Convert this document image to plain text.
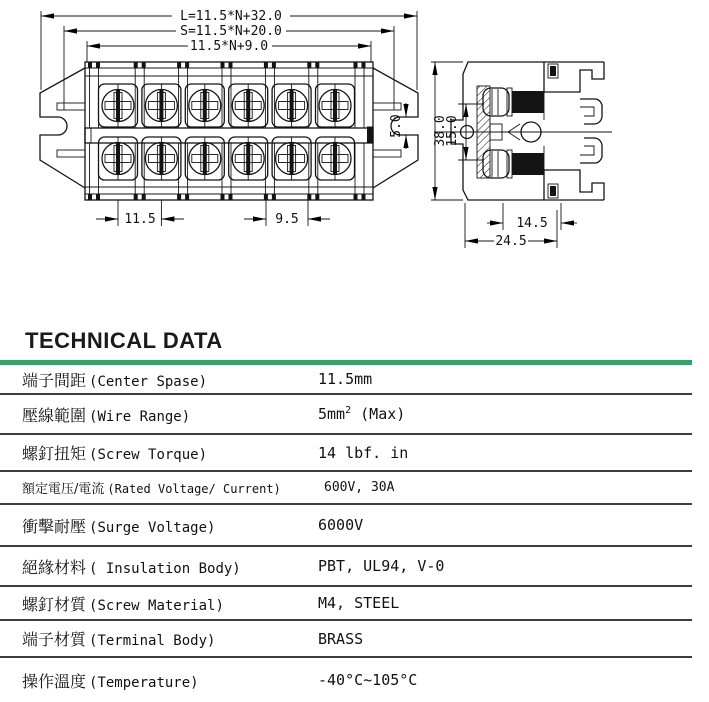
L=11.5*N+32.0
S=11.5*N+20.0
11.5*N+9.0
11.5	9.5
5.0 38.0
15.0
14.5
24.5
TECHNICAL DATA
端子間距 (Center Spase)	11.5mm
壓線範圍 (Wire Range)	$5mm^2$ (Max)
螺釘扭矩 (Screw Torque)	14 lbf. in
額定電压/電流 (Rated Voltage/ Current)	600V, 30A
衝擊耐壓 (Surge Voltage)	6000V
絕緣材料 ( Insulation Body)	PBT, UL94, V-0
螺釘材質 (Screw Material)	M4, STEEL
端子材質 (Terminal Body)	BRASS
操作溫度 (Temperature)	-40°C~105°C
